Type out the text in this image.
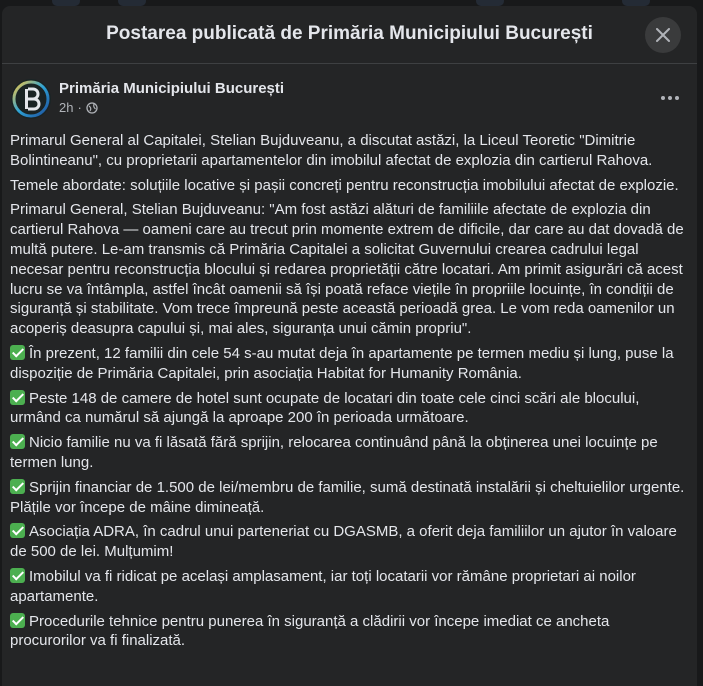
Postarea publicată de Primăria Municipiului București
Primăria Municipiului București
2h ·

Primarul General al Capitalei, Stelian Bujduveanu, a discutat astăzi, la Liceul Teoretic "Dimitrie Bolintineanu", cu proprietarii apartamentelor din imobilul afectat de explozia din cartierul Rahova.

Temele abordate: soluțiile locative și pașii concreți pentru reconstrucția imobilului afectat de explozie.

Primarul General, Stelian Bujduveanu: "Am fost astăzi alături de familiile afectate de explozia din cartierul Rahova — oameni care au trecut prin momente extrem de dificile, dar care au dat dovadă de multă putere. Le-am transmis că Primăria Capitalei a solicitat Guvernului crearea cadrului legal necesar pentru reconstrucția blocului și redarea proprietății către locatari. Am primit asigurări că acest lucru se va întâmpla, astfel încât oamenii să își poată reface viețile în propriile locuințe, în condiții de siguranță și stabilitate. Vom trece împreună peste această perioadă grea. Le vom reda oamenilor un acoperiș deasupra capului și, mai ales, siguranța unui cămin propriu".

În prezent, 12 familii din cele 54 s-au mutat deja în apartamente pe termen mediu și lung, puse la dispoziție de Primăria Capitalei, prin asociația Habitat for Humanity România.

Peste 148 de camere de hotel sunt ocupate de locatari din toate cele cinci scări ale blocului, urmând ca numărul să ajungă la aproape 200 în perioada următoare.

Nicio familie nu va fi lăsată fără sprijin, relocarea continuând până la obținerea unei locuințe pe termen lung.

Sprijin financiar de 1.500 de lei/membru de familie, sumă destinată instalării și cheltuielilor urgente. Plățile vor începe de mâine dimineață.

Asociația ADRA, în cadrul unui parteneriat cu DGASMB, a oferit deja familiilor un ajutor în valoare de 500 de lei. Mulțumim!

Imobilul va fi ridicat pe același amplasament, iar toți locatarii vor rămâne proprietari ai noilor apartamente.

Procedurile tehnice pentru punerea în siguranță a clădirii vor începe imediat ce ancheta procurorilor va fi finalizată.
